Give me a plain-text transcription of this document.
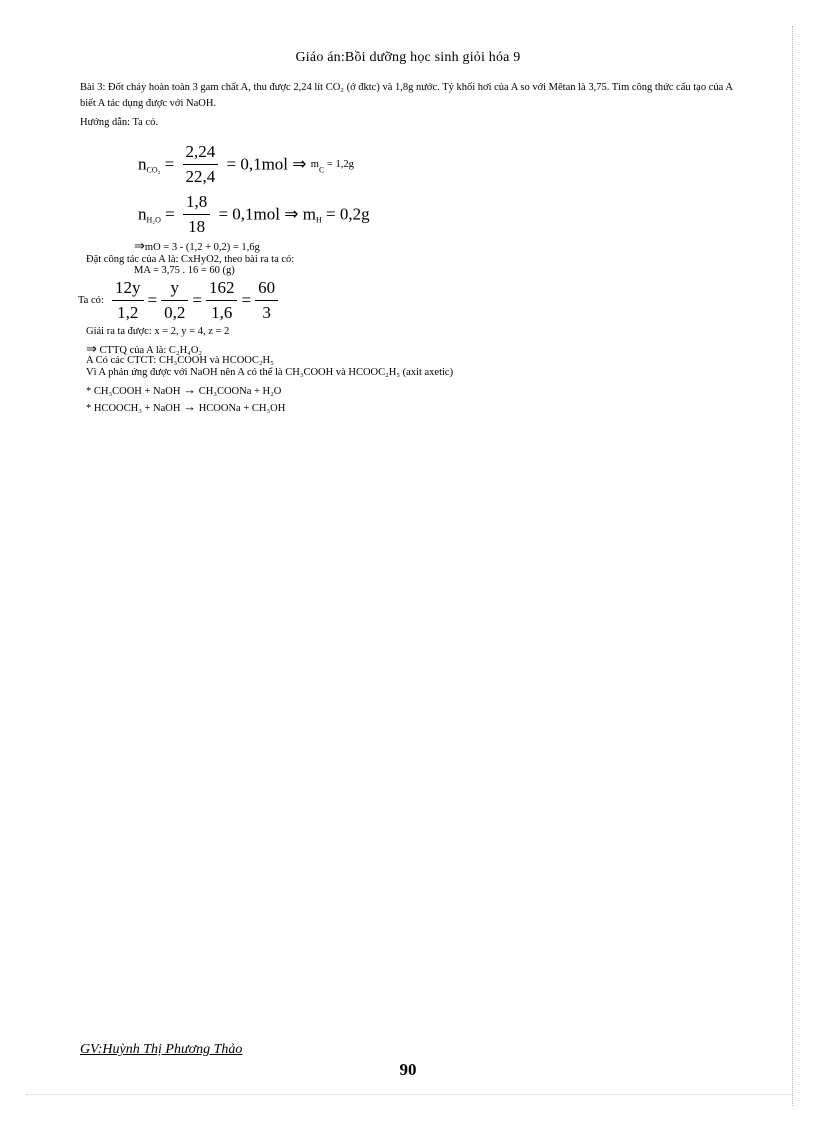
Giáo án:Bồi dưỡng học sinh giỏi hóa 9
Bài 3: Đốt cháy hoàn toàn 3 gam chất A, thu được 2,24 lít CO₂ (ở đktc) và 1,8g nước. Tỷ khối hơi của A so với Mêtan là 3,75. Tìm công thức cấu tạo của A biết A tác dụng được với NaOH.
Hướng dẫn: Ta có.
$n_{CO_2} = \frac{2,24}{22,4} = 0,1mol$ ⇒ $m_C = 1,2g$
$n_{H_2O} = \frac{1,8}{18} = 0,1mol$ ⇒ $m_H = 0,2g$
⇒mO = 3 - (1,2 + 0,2) = 1,6g
Đặt công tác của A là: CxHyO2, theo bài ra ta có:
MA = 3,75 . 16 = 60 (g)
Ta có: $\frac{12y}{1,2} = \frac{y}{0,2} = \frac{162}{1,6} = \frac{60}{3}$
Giải ra ta được: x = 2, y = 4, z = 2
⇒ CTTQ của A là: C₂H₄O₂
A Có các CTCT: CH₃COOH và HCOOC₂H₅
Vì A phản ứng được với NaOH nên A có thể là CH₃COOH và HCOOC₂H₅ (axit axetic)
* CH₃COOH + NaOH → CH₃COONa + H₂O
* HCOOCH₃ + NaOH → HCOONa + CH₃OH
GV:Huỳnh Thị Phương Thảo
90
